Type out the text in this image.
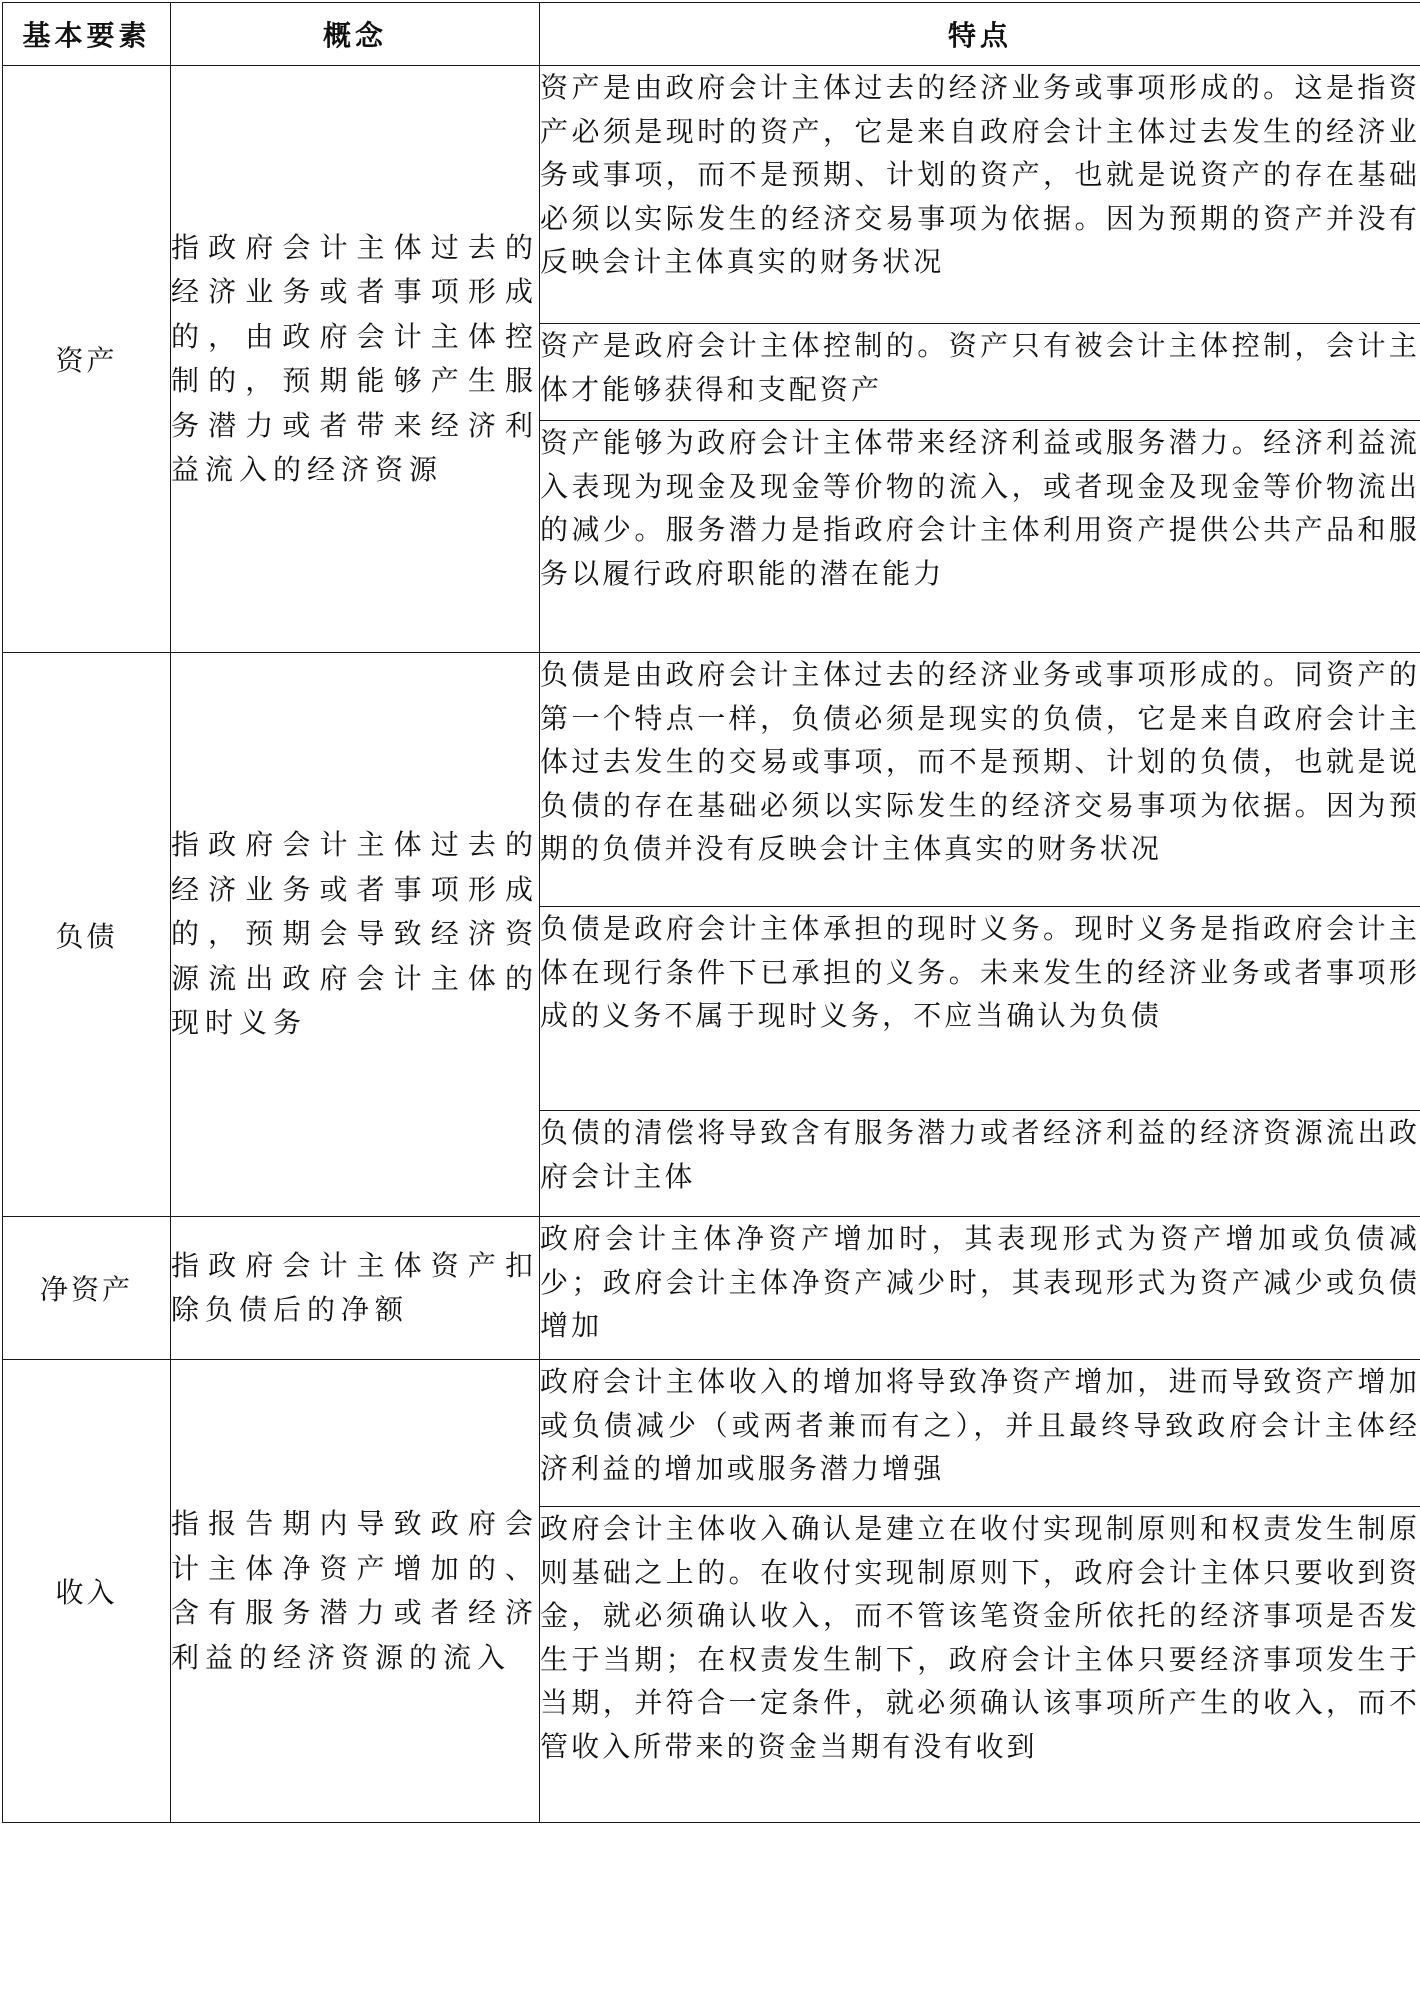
基本要素	概念	特点
资产	指政府会计主体过去的经济业务或者事项形成的，由政府会计主体控制的，预期能够产生服务潜力或者带来经济利益流入的经济资源	资产是由政府会计主体过去的经济业务或事项形成的。这是指资产必须是现时的资产，它是来自政府会计主体过去发生的经济业务或事项，而不是预期、计划的资产，也就是说资产的存在基础必须以实际发生的经济交易事项为依据。因为预期的资产并没有反映会计主体真实的财务状况
		资产是政府会计主体控制的。资产只有被会计主体控制，会计主体才能够获得和支配资产
		资产能够为政府会计主体带来经济利益或服务潜力。经济利益流入表现为现金及现金等价物的流入，或者现金及现金等价物流出的减少。服务潜力是指政府会计主体利用资产提供公共产品和服务以履行政府职能的潜在能力
负债	指政府会计主体过去的经济业务或者事项形成的，预期会导致经济资源流出政府会计主体的现时义务	负债是由政府会计主体过去的经济业务或事项形成的。同资产的第一个特点一样，负债必须是现实的负债，它是来自政府会计主体过去发生的交易或事项，而不是预期、计划的负债，也就是说负债的存在基础必须以实际发生的经济交易事项为依据。因为预期的负债并没有反映会计主体真实的财务状况
		负债是政府会计主体承担的现时义务。现时义务是指政府会计主体在现行条件下已承担的义务。未来发生的经济业务或者事项形成的义务不属于现时义务，不应当确认为负债
		负债的清偿将导致含有服务潜力或者经济利益的经济资源流出政府会计主体
净资产	指政府会计主体资产扣除负债后的净额	政府会计主体净资产增加时，其表现形式为资产增加或负债减少；政府会计主体净资产减少时，其表现形式为资产减少或负债增加
收入	指报告期内导致政府会计主体净资产增加的、含有服务潜力或者经济利益的经济资源的流入	政府会计主体收入的增加将导致净资产增加，进而导致资产增加或负债减少（或两者兼而有之），并且最终导致政府会计主体经济利益的增加或服务潜力增强
		政府会计主体收入确认是建立在收付实现制原则和权责发生制原则基础之上的。在收付实现制原则下，政府会计主体只要收到资金，就必须确认收入，而不管该笔资金所依托的经济事项是否发生于当期；在权责发生制下，政府会计主体只要经济事项发生于当期，并符合一定条件，就必须确认该事项所产生的收入，而不管收入所带来的资金当期有没有收到
